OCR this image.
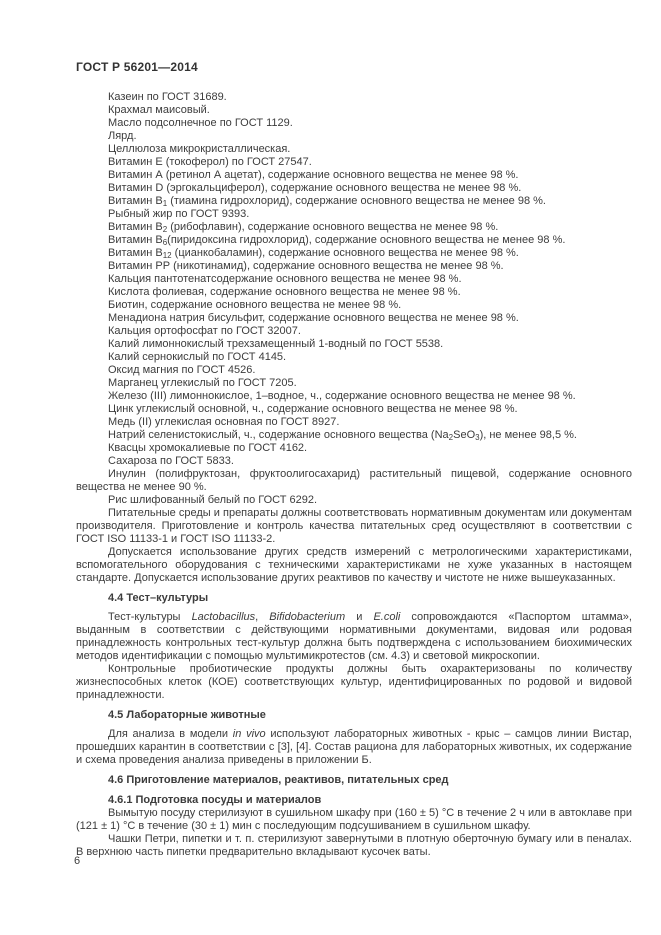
ГОСТ Р 56201—2014

Казеин по ГОСТ 31689.

Крахмал маисовый.

Масло подсолнечное по ГОСТ 1129.

Лярд.

Целлюлоза микрокристаллическая.

Витамин Е (токоферол) по ГОСТ 27547.

Витамин А (ретинол А ацетат), содержание основного вещества не менее 98 %.

Витамин D (эргокальциферол), содержание основного вещества не менее 98 %.

Витамин $В_1$ (тиамина гидрохлорид), содержание основного вещества не менее 98 %.

Рыбный жир по ГОСТ 9393.

Витамин $В_2$ (рибофлавин), содержание основного вещества не менее 98 %.

Витамин $В_6(пиридоксина$ гидрохлорид), содержание основного вещества не менее 98 %.

Витамин $В_{12}$ (цианкобаламин), содержание основного вещества не менее 98 %.

Витамин РР (никотинамид), содержание основного вещества не менее 98 %.

Кальция пантотенатсодержание основного вещества не менее 98 %.

Кислота фолиевая, содержание основного вещества не менее 98 %.

Биотин, содержание основного вещества не менее 98 %.

Менадиона натрия бисульфит, содержание основного вещества не менее 98 %.

Кальция ортофосфат по ГОСТ 32007.

Калий лимоннокислый трехзамещенный 1-водный по ГОСТ 5538.

Калий сернокислый по ГОСТ 4145.

Оксид магния по ГОСТ 4526.

Марганец углекислый по ГОСТ 7205.

Железо (III) лимоннокислое, 1–водное, ч., содержание основного вещества не менее 98 %.

Цинк углекислый основной, ч., содержание основного вещества не менее 98 %.

Медь (II) углекислая основная по ГОСТ 8927.

Натрий селенистокислый, ч., содержание основного вещества $(Na_2SeO_3)$, не менее 98,5 %.

Квасцы хромокалиевые по ГОСТ 4162.

Сахароза по ГОСТ 5833.

Инулин (полифруктозан, фруктоолигосахарид) растительный пищевой, содержание основного вещества не менее 90 %.

Рис шлифованный белый по ГОСТ 6292.

Питательные среды и препараты должны соответствовать нормативным документам или документам производителя. Приготовление и контроль качества питательных сред осуществляют в соответствии с ГОСТ ISO 11133-1 и ГОСТ ISO 11133-2.

Допускается использование других средств измерений с метрологическими характеристиками, вспомогательного оборудования с техническими характеристиками не хуже указанных в настоящем стандарте. Допускается использование других реактивов по качеству и чистоте не ниже вышеуказанных.

4.4 Тест–культуры

Тест-культуры Lactobacillus, Bifidobacterium и E.coli сопровождаются «Паспортом штамма», выданным в соответствии с действующими нормативными документами, видовая или родовая принадлежность контрольных тест-культур должна быть подтверждена с использованием биохимических методов идентификации с помощью мультимикротестов (см. 4.3) и световой микроскопии.

Контрольные пробиотические продукты должны быть охарактеризованы по количеству жизнеспособных клеток (КОЕ) соответствующих культур, идентифицированных по родовой и видовой принадлежности.

4.5 Лабораторные животные

Для анализа в модели in vivo используют лабораторных животных - крыс – самцов линии Вистар, прошедших карантин в соответствии с [3], [4]. Состав рациона для лабораторных животных, их содержание и схема проведения анализа приведены в приложении Б.

4.6 Приготовление материалов, реактивов, питательных сред
4.6.1 Подготовка посуды и материалов

Вымытую посуду стерилизуют в сушильном шкафу при (160 ± 5) °С в течение 2 ч или в автоклаве при (121 ± 1) °С в течение (30 ± 1) мин с последующим подсушиванием в сушильном шкафу.

Чашки Петри, пипетки и т. п. стерилизуют завернутыми в плотную оберточную бумагу или в пеналах. В верхнюю часть пипетки предварительно вкладывают кусочек ваты.

6
